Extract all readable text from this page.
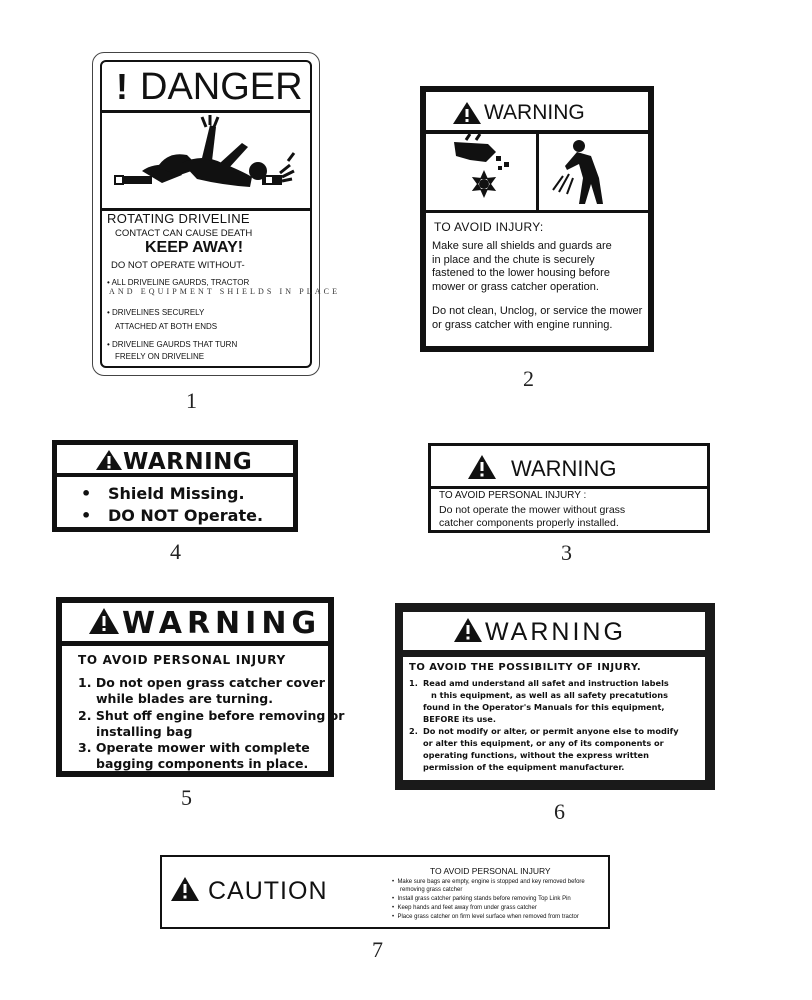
! DANGER
ROTATING DRIVELINE
CONTACT CAN CAUSE DEATH
KEEP AWAY!
DO NOT OPERATE WITHOUT-
• ALL DRIVELINE GAURDS, TRACTOR
AND EQUIPMENT SHIELDS IN PLACE
• DRIVELINES SECURELY
ATTACHED AT BOTH ENDS
• DRIVELINE GAURDS THAT TURN
FREELY ON DRIVELINE
1
WARNING
TO AVOID INJURY:
Make sure all shields and guards are
in place and the chute is securely
fastened to the lower housing before
mower or grass catcher operation.
Do not clean, Unclog, or service the mower
or grass catcher with engine running.
2
WARNING
•   Shield Missing.
•   DO NOT Operate.
4
WARNING
TO AVOID PERSONAL INJURY :
Do not operate the mower without grass
catcher components properly installed.
3
WARNING
TO AVOID PERSONAL INJURY
1. Do not open grass catcher cover
while blades are turning.
2. Shut off engine before removing or
installing bag
3. Operate mower with complete
bagging components in place.
5
WARNING
TO AVOID THE POSSIBILITY OF INJURY.
1. Read amd understand all safet and instruction labels
n this equipment, as well as all safety precatutions
found in the Operator's Manuals for this equipment,
BEFORE its use.
2. Do not modify or alter, or permit anyone else to modify
or alter this equipment, or any of its components or
operating functions, without the express written
permission of the equipment manufacturer.
6
CAUTION
TO AVOID PERSONAL INJURY
•  Make sure bags are empty, engine is stopped and key removed before
removing grass catcher
•  Install grass catcher parking stands before removing Top Link Pin
•  Keep hands and feet away from under grass catcher
•  Place grass catcher on firm level surface when removed from tractor
7
